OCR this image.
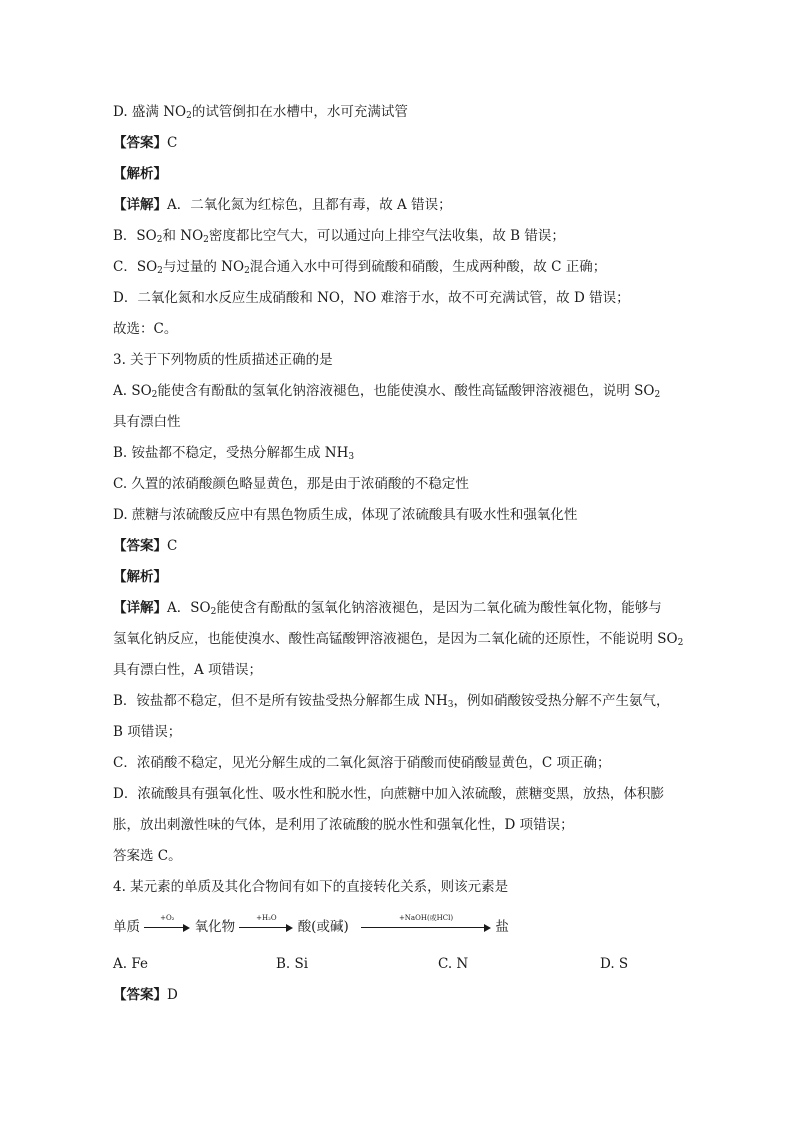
D. 盛满 $NO_2$的试管倒扣在水槽中，水可充满试管
【答案】C
【解析】
【详解】A．二氧化氮为红棕色，且都有毒，故 A 错误；
B．$SO_2$和 $NO_2$密度都比空气大，可以通过向上排空气法收集，故 B 错误；
C．$SO_2$与过量的 $NO_2$混合通入水中可得到硫酸和硝酸，生成两种酸，故 C 正确；
D．二氧化氮和水反应生成硝酸和 NO，NO 难溶于水，故不可充满试管，故 D 错误；
故选：C。
3. 关于下列物质的性质描述正确的是
A. $SO_2$能使含有酚酞的氢氧化钠溶液褪色，也能使溴水、酸性高锰酸钾溶液褪色，说明 $SO_2$
具有漂白性
B. 铵盐都不稳定，受热分解都生成 $NH_3$
C. 久置的浓硝酸颜色略显黄色，那是由于浓硝酸的不稳定性
D. 蔗糖与浓硫酸反应中有黑色物质生成，体现了浓硫酸具有吸水性和强氧化性
【答案】C
【解析】
【详解】A．$SO_2$能使含有酚酞的氢氧化钠溶液褪色，是因为二氧化硫为酸性氧化物，能够与
氢氧化钠反应，也能使溴水、酸性高锰酸钾溶液褪色，是因为二氧化硫的还原性，不能说明 $SO_2$
具有漂白性，A 项错误；
B．铵盐都不稳定，但不是所有铵盐受热分解都生成 $NH_3$，例如硝酸铵受热分解不产生氨气，
B 项错误；
C．浓硝酸不稳定，见光分解生成的二氧化氮溶于硝酸而使硝酸显黄色，C 项正确；
D．浓硫酸具有强氧化性、吸水性和脱水性，向蔗糖中加入浓硫酸，蔗糖变黑，放热，体积膨
胀，放出刺激性味的气体，是利用了浓硫酸的脱水性和强氧化性，D 项错误；
答案选 C。
4. 某元素的单质及其化合物间有如下的直接转化关系，则该元素是
单质
+O₂
氧化物
+H₂O
酸(或碱)
+NaOH(或HCl)
盐
A. Fe	B. Si	C. N	D. S
【答案】D
